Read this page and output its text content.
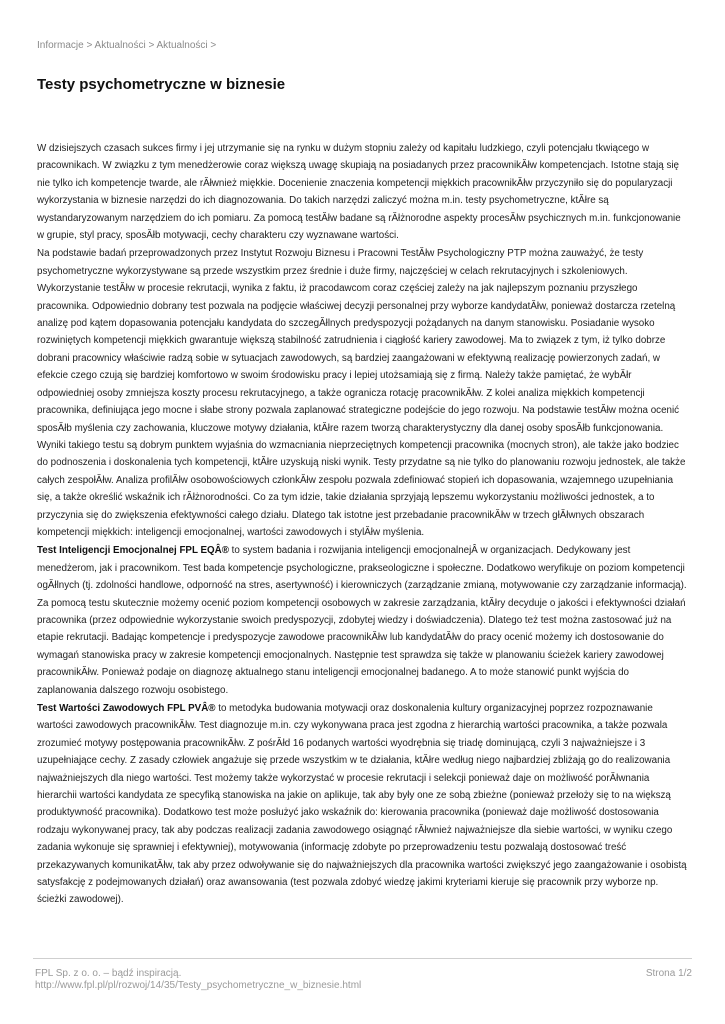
Informacje > Aktualności > Aktualności >
Testy psychometryczne w biznesie

W dzisiejszych czasach sukces firmy i jej utrzymanie się na rynku w dużym stopniu zależy od kapitału ludzkiego, czyli potencjału tkwiącego w pracownikach. W związku z tym menedżerowie coraz większą uwagę skupiają na posiadanych przez pracownikĂłw kompetencjach. Istotne stają się nie tylko ich kompetencje twarde, ale rĂłwnież miękkie. Docenienie znaczenia kompetencji miękkich pracownikĂłw przyczyniło się do popularyzacji wykorzystania w biznesie narzędzi do ich diagnozowania. Do takich narzędzi zaliczyć można m.in. testy psychometryczne, ktĂłre są wystandaryzowanym narzędziem do ich pomiaru. Za pomocą testĂłw badane są rĂłżnorodne aspekty procesĂłw psychicznych m.in. funkcjonowanie w grupie, styl pracy, sposĂłb motywacji, cechy charakteru czy wyznawane wartości.

Na podstawie badań przeprowadzonych przez Instytut Rozwoju Biznesu i Pracowni TestĂłw Psychologiczny PTP można zauważyć, że testy psychometryczne wykorzystywane są przede wszystkim przez średnie i duże firmy, najczęściej w celach rekrutacyjnych i szkoleniowych. Wykorzystanie testĂłw w procesie rekrutacji, wynika z faktu, iż pracodawcom coraz częściej zależy na jak najlepszym poznaniu przyszłego pracownika. Odpowiednio dobrany test pozwala na podjęcie właściwej decyzji personalnej przy wyborze kandydatĂłw, ponieważ dostarcza rzetelną analizę pod kątem dopasowania potencjału kandydata do szczegĂłlnych predyspozycji pożądanych na danym stanowisku. Posiadanie wysoko rozwiniętych kompetencji miękkich gwarantuje większą stabilność zatrudnienia i ciągłość kariery zawodowej. Ma to związek z tym, iż tylko dobrze dobrani pracownicy właściwie radzą sobie w sytuacjach zawodowych, są bardziej zaangażowani w efektywną realizację powierzonych zadań, w efekcie czego czują się bardziej komfortowo w swoim środowisku pracy i lepiej utożsamiają się z firmą. Należy także pamiętać, że wybĂłr odpowiedniej osoby zmniejsza koszty procesu rekrutacyjnego, a także ogranicza rotację pracownikĂłw. Z kolei analiza miękkich kompetencji pracownika, definiująca jego mocne i słabe strony pozwala zaplanować strategiczne podejście do jego rozwoju. Na podstawie testĂłw można ocenić sposĂłb myślenia czy zachowania, kluczowe motywy działania, ktĂłre razem tworzą charakterystyczny dla danej osoby sposĂłb funkcjonowania. Wyniki takiego testu są dobrym punktem wyjaśnia do wzmacniania nieprzeciętnych kompetencji pracownika (mocnych stron), ale także jako bodziec do podnoszenia i doskonalenia tych kompetencji, ktĂłre uzyskują niski wynik. Testy przydatne są nie tylko do planowaniu rozwoju jednostek, ale także całych zespołĂłw. Analiza profilĂłw osobowościowych członkĂłw zespołu pozwala zdefiniować stopień ich dopasowania, wzajemnego uzupełniania się, a także określić wskaźnik ich rĂłżnorodności. Co za tym idzie, takie działania sprzyjają lepszemu wykorzystaniu możliwości jednostek, a to przyczynia się do zwiększenia efektywności całego działu. Dlatego tak istotne jest przebadanie pracownikĂłw w trzech głĂłwnych obszarach kompetencji miękkich: inteligencji emocjonalnej, wartości zawodowych i stylĂłw myślenia.

Test Inteligencji Emocjonalnej FPL EQÂ® to system badania i rozwijania inteligencji emocjonalnejÂ w organizacjach. Dedykowany jest menedżerom, jak i pracownikom. Test bada kompetencje psychologiczne, prakseologiczne i społeczne. Dodatkowo weryfikuje on poziom kompetencji ogĂłlnych (tj. zdolności handlowe, odporność na stres, asertywność) i kierowniczych (zarządzanie zmianą, motywowanie czy zarządzanie informacją). Za pomocą testu skutecznie możemy ocenić poziom kompetencji osobowych w zakresie zarządzania, ktĂłry decyduje o jakości i efektywności działań pracownika (przez odpowiednie wykorzystanie swoich predyspozycji, zdobytej wiedzy i doświadczenia). Dlatego też test można zastosować już na etapie rekrutacji. Badając kompetencje i predyspozycje zawodowe pracownikĂłw lub kandydatĂłw do pracy ocenić możemy ich dostosowanie do wymagań stanowiska pracy w zakresie kompetencji emocjonalnych. Następnie test sprawdza się także w planowaniu ścieżek kariery zawodowej pracownikĂłw. Ponieważ podaje on diagnozę aktualnego stanu inteligencji emocjonalnej badanego. A to może stanowić punkt wyjścia do zaplanowania dalszego rozwoju osobistego.

Test Wartości Zawodowych FPL PVÂ® to metodyka budowania motywacji oraz doskonalenia kultury organizacyjnej poprzez rozpoznawanie wartości zawodowych pracownikĂłw. Test diagnozuje m.in. czy wykonywana praca jest zgodna z hierarchią wartości pracownika, a także pozwala zrozumieć motywy postępowania pracownikĂłw. Z pośrĂłd 16 podanych wartości wyodrębnia się triadę dominującą, czyli 3 najważniejsze i 3 uzupełniające cechy. Z zasady człowiek angażuje się przede wszystkim w te działania, ktĂłre według niego najbardziej zbliżają go do realizowania najważniejszych dla niego wartości. Test możemy także wykorzystać w procesie rekrutacji i selekcji ponieważ daje on możliwość porĂłwnania hierarchii wartości kandydata ze specyfiką stanowiska na jakie on aplikuje, tak aby były one ze sobą zbieżne (ponieważ przełoży się to na większą produktywność pracownika). Dodatkowo test może posłużyć jako wskaźnik do: kierowania pracownika (ponieważ daje możliwość dostosowania rodzaju wykonywanej pracy, tak aby podczas realizacji zadania zawodowego osiągnąć rĂłwnież najważniejsze dla siebie wartości, w wyniku czego zadania wykonuje się sprawniej i efektywniej), motywowania (informację zdobyte po przeprowadzeniu testu pozwalają dostosować treść przekazywanych komunikatĂłw, tak aby przez odwoływanie się do najważniejszych dla pracownika wartości zwiększyć jego zaangażowanie i osobistą satysfakcję z podejmowanych działań) oraz awansowania (test pozwala zdobyć wiedzę jakimi kryteriami kieruje się pracownik przy wyborze np. ścieżki zawodowej).

FPL Sp. z o. o. – bądź inspiracją.
http://www.fpl.pl/pl/rozwoj/14/35/Testy_psychometryczne_w_biznesie.html
Strona 1/2
